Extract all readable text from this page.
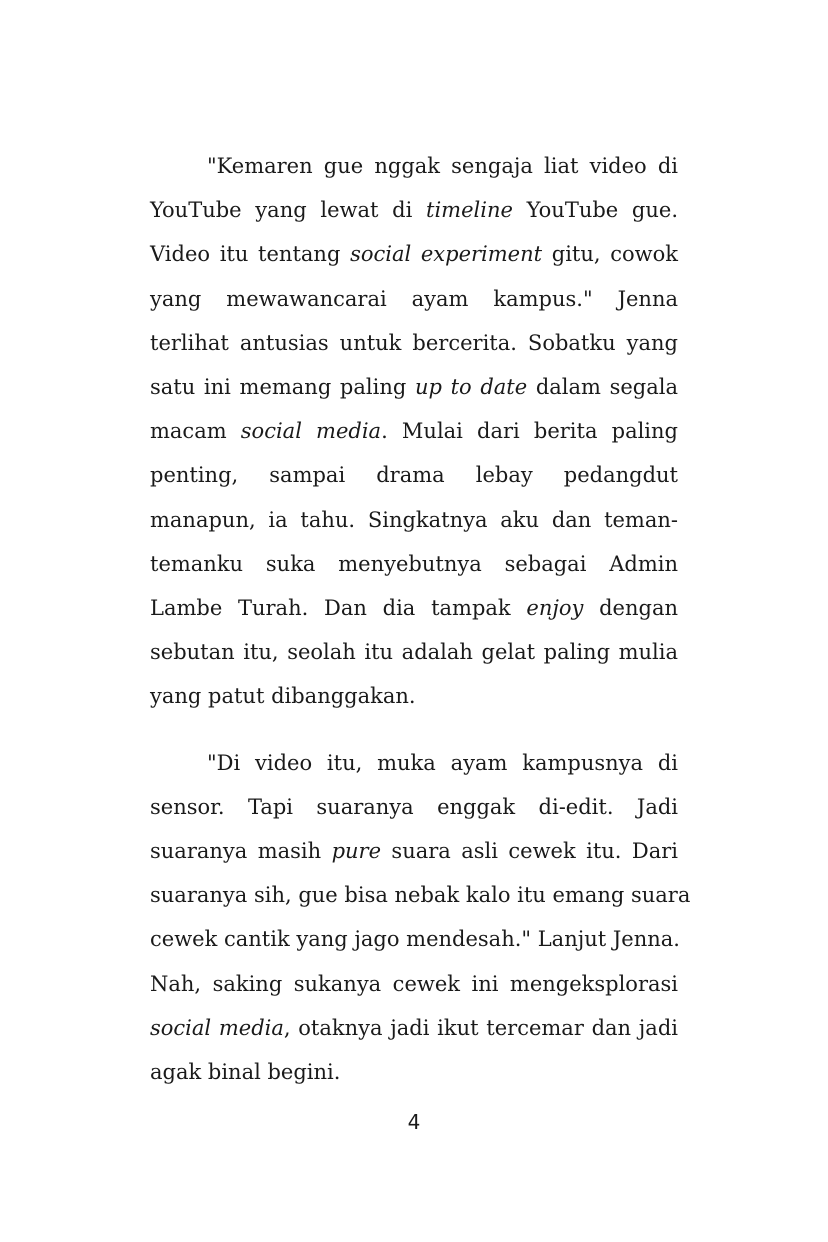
"Kemaren gue nggak sengaja liat video di
YouTube yang lewat di timeline YouTube gue.
Video itu tentang social experiment gitu, cowok
yang mewawancarai ayam kampus." Jenna
terlihat antusias untuk bercerita. Sobatku yang
satu ini memang paling up to date dalam segala
macam social media. Mulai dari berita paling
penting, sampai drama lebay pedangdut
manapun, ia tahu. Singkatnya aku dan teman-
temanku suka menyebutnya sebagai Admin
Lambe Turah. Dan dia tampak enjoy dengan
sebutan itu, seolah itu adalah gelat paling mulia
yang patut dibanggakan.

"Di video itu, muka ayam kampusnya di
sensor. Tapi suaranya enggak di-edit. Jadi
suaranya masih pure suara asli cewek itu. Dari
suaranya sih, gue bisa nebak kalo itu emang suara
cewek cantik yang jago mendesah." Lanjut Jenna.
Nah, saking sukanya cewek ini mengeksplorasi
social media, otaknya jadi ikut tercemar dan jadi
agak binal begini.

4
